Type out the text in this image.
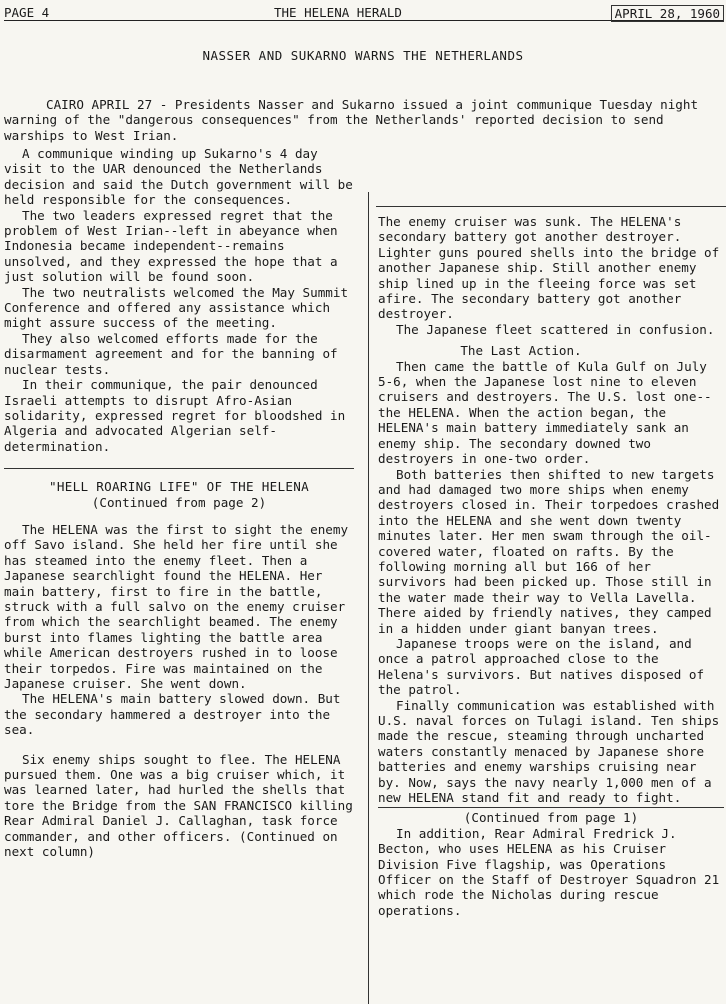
PAGE 4	THE HELENA HERALD	APRIL 28, 1960
NASSER AND SUKARNO WARNS THE NETHERLANDS

CAIRO APRIL 27 - Presidents Nasser and Sukarno issued a joint communique Tuesday night warning of the "dangerous consequences" from the Netherlands' reported decision to send warships to West Irian.

A communique winding up Sukarno's 4 day visit to the UAR denounced the Netherlands decision and said the Dutch government will be held responsible for the consequences.

The two leaders expressed regret that the problem of West Irian--left in abeyance when Indonesia became independent--remains unsolved, and they expressed the hope that a just solution will be found soon.

The two neutralists welcomed the May Summit Conference and offered any assistance which might assure success of the meeting.

They also welcomed efforts made for the disarmament agreement and for the banning of nuclear tests.

In their communique, the pair denounced Israeli attempts to disrupt Afro-Asian solidarity, expressed regret for bloodshed in Algeria and advocated Algerian self-determination.

"HELL ROARING LIFE" OF THE HELENA

(Continued from page 2)

The HELENA was the first to sight the enemy off Savo island. She held her fire until she has steamed into the enemy fleet. Then a Japanese searchlight found the HELENA. Her main battery, first to fire in the battle, struck with a full salvo on the enemy cruiser from which the searchlight beamed. The enemy burst into flames lighting the battle area while American destroyers rushed in to loose their torpedos. Fire was maintained on the Japanese cruiser. She went down.

The HELENA's main battery slowed down. But the secondary hammered a destroyer into the sea.

Six enemy ships sought to flee. The HELENA pursued them. One was a big cruiser which, it was learned later, had hurled the shells that tore the Bridge from the SAN FRANCISCO killing Rear Admiral Daniel J. Callaghan, task force commander, and other officers. (Continued on next column)

The enemy cruiser was sunk. The HELENA's secondary battery got another destroyer. Lighter guns poured shells into the bridge of another Japanese ship. Still another enemy ship lined up in the fleeing force was set afire. The secondary battery got another destroyer.

The Japanese fleet scattered in confusion.

The Last Action.

Then came the battle of Kula Gulf on July 5-6, when the Japanese lost nine to eleven cruisers and destroyers. The U.S. lost one--the HELENA. When the action began, the HELENA's main battery immediately sank an enemy ship. The secondary downed two destroyers in one-two order.

Both batteries then shifted to new targets and had damaged two more ships when enemy destroyers closed in. Their torpedoes crashed into the HELENA and she went down twenty minutes later. Her men swam through the oil-covered water, floated on rafts. By the following morning all but 166 of her survivors had been picked up. Those still in the water made their way to Vella Lavella. There aided by friendly natives, they camped in a hidden under giant banyan trees.

Japanese troops were on the island, and once a patrol approached close to the Helena's survivors. But natives disposed of the patrol.

Finally communication was established with U.S. naval forces on Tulagi island. Ten ships made the rescue, steaming through uncharted waters constantly menaced by Japanese shore batteries and enemy warships cruising near by. Now, says the navy nearly 1,000 men of a new HELENA stand fit and ready to fight.

(Continued from page 1)

In addition, Rear Admiral Fredrick J. Becton, who uses HELENA as his Cruiser Division Five flagship, was Operations Officer on the Staff of Destroyer Squadron 21 which rode the Nicholas during rescue operations.
